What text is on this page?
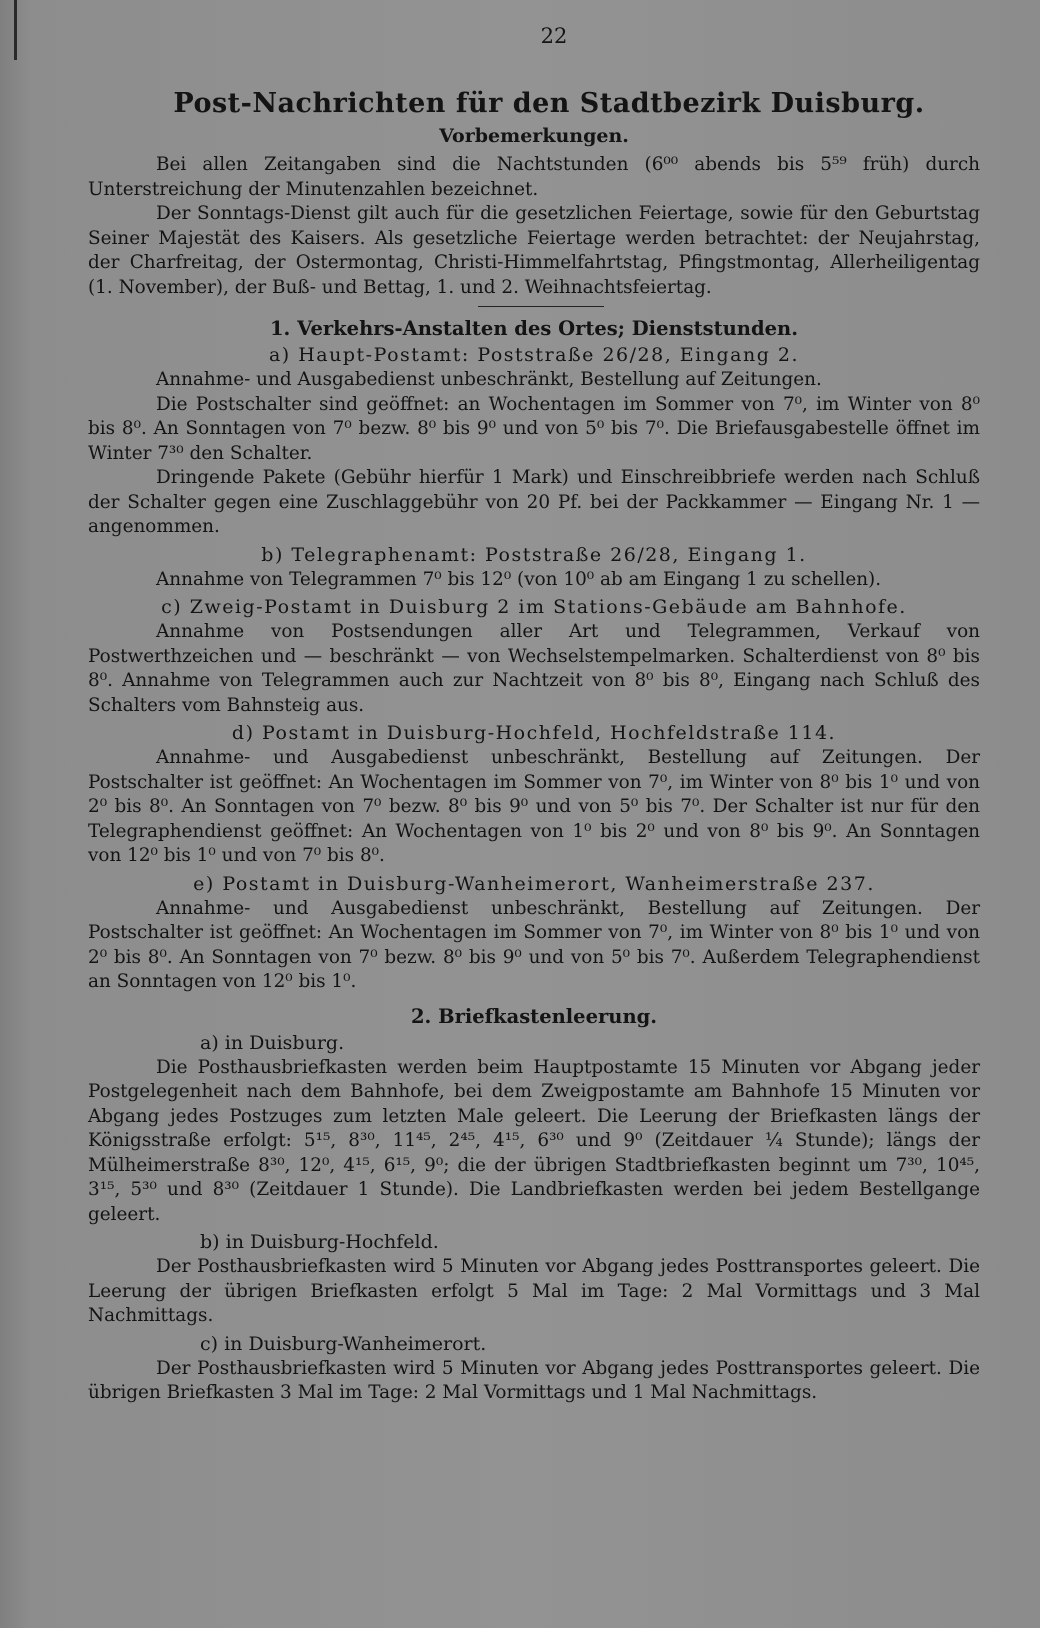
22
Post-Nachrichten für den Stadtbezirk Duisburg.
Vorbemerkungen.

Bei allen Zeitangaben sind die Nachtstunden (6⁰⁰ abends bis 5⁵⁹ früh) durch Unterstreichung der Minutenzahlen bezeichnet.

Der Sonntags-Dienst gilt auch für die gesetzlichen Feiertage, sowie für den Geburtstag Seiner Majestät des Kaisers. Als gesetzliche Feiertage werden betrachtet: der Neujahrstag, der Charfreitag, der Ostermontag, Christi-Himmelfahrtstag, Pfingstmontag, Allerheiligentag (1. November), der Buß- und Bettag, 1. und 2. Weihnachtsfeiertag.

1. Verkehrs-Anstalten des Ortes; Dienststunden.
a) Haupt-Postamt: Poststraße 26/28, Eingang 2.

Annahme- und Ausgabedienst unbeschränkt, Bestellung auf Zeitungen.

Die Postschalter sind geöffnet: an Wochentagen im Sommer von 7⁰, im Winter von 8⁰ bis 8⁰. An Sonntagen von 7⁰ bezw. 8⁰ bis 9⁰ und von 5⁰ bis 7⁰. Die Briefausgabestelle öffnet im Winter 7³⁰ den Schalter.

Dringende Pakete (Gebühr hierfür 1 Mark) und Einschreibbriefe werden nach Schluß der Schalter gegen eine Zuschlaggebühr von 20 Pf. bei der Packkammer — Eingang Nr. 1 — angenommen.

b) Telegraphenamt: Poststraße 26/28, Eingang 1.

Annahme von Telegrammen 7⁰ bis 12⁰ (von 10⁰ ab am Eingang 1 zu schellen).

c) Zweig-Postamt in Duisburg 2 im Stations-Gebäude am Bahnhofe.

Annahme von Postsendungen aller Art und Telegrammen, Verkauf von Postwerthzeichen und — beschränkt — von Wechselstempelmarken. Schalterdienst von 8⁰ bis 8⁰. Annahme von Telegrammen auch zur Nachtzeit von 8⁰ bis 8⁰, Eingang nach Schluß des Schalters vom Bahnsteig aus.

d) Postamt in Duisburg-Hochfeld, Hochfeldstraße 114.

Annahme- und Ausgabedienst unbeschränkt, Bestellung auf Zeitungen. Der Postschalter ist geöffnet: An Wochentagen im Sommer von 7⁰, im Winter von 8⁰ bis 1⁰ und von 2⁰ bis 8⁰. An Sonntagen von 7⁰ bezw. 8⁰ bis 9⁰ und von 5⁰ bis 7⁰. Der Schalter ist nur für den Telegraphendienst geöffnet: An Wochentagen von 1⁰ bis 2⁰ und von 8⁰ bis 9⁰. An Sonntagen von 12⁰ bis 1⁰ und von 7⁰ bis 8⁰.

e) Postamt in Duisburg-Wanheimerort, Wanheimerstraße 237.

Annahme- und Ausgabedienst unbeschränkt, Bestellung auf Zeitungen. Der Postschalter ist geöffnet: An Wochentagen im Sommer von 7⁰, im Winter von 8⁰ bis 1⁰ und von 2⁰ bis 8⁰. An Sonntagen von 7⁰ bezw. 8⁰ bis 9⁰ und von 5⁰ bis 7⁰. Außerdem Telegraphendienst an Sonntagen von 12⁰ bis 1⁰.

2. Briefkastenleerung.
a) in Duisburg.

Die Posthausbriefkasten werden beim Hauptpostamte 15 Minuten vor Abgang jeder Postgelegenheit nach dem Bahnhofe, bei dem Zweigpostamte am Bahnhofe 15 Minuten vor Abgang jedes Postzuges zum letzten Male geleert. Die Leerung der Briefkasten längs der Königsstraße erfolgt: 5¹⁵, 8³⁰, 11⁴⁵, 2⁴⁵, 4¹⁵, 6³⁰ und 9⁰ (Zeitdauer ¼ Stunde); längs der Mülheimerstraße 8³⁰, 12⁰, 4¹⁵, 6¹⁵, 9⁰; die der übrigen Stadtbriefkasten beginnt um 7³⁰, 10⁴⁵, 3¹⁵, 5³⁰ und 8³⁰ (Zeitdauer 1 Stunde). Die Landbriefkasten werden bei jedem Bestellgange geleert.

b) in Duisburg-Hochfeld.

Der Posthausbriefkasten wird 5 Minuten vor Abgang jedes Posttransportes geleert. Die Leerung der übrigen Briefkasten erfolgt 5 Mal im Tage: 2 Mal Vormittags und 3 Mal Nachmittags.

c) in Duisburg-Wanheimerort.

Der Posthausbriefkasten wird 5 Minuten vor Abgang jedes Posttransportes geleert. Die übrigen Briefkasten 3 Mal im Tage: 2 Mal Vormittags und 1 Mal Nachmittags.
